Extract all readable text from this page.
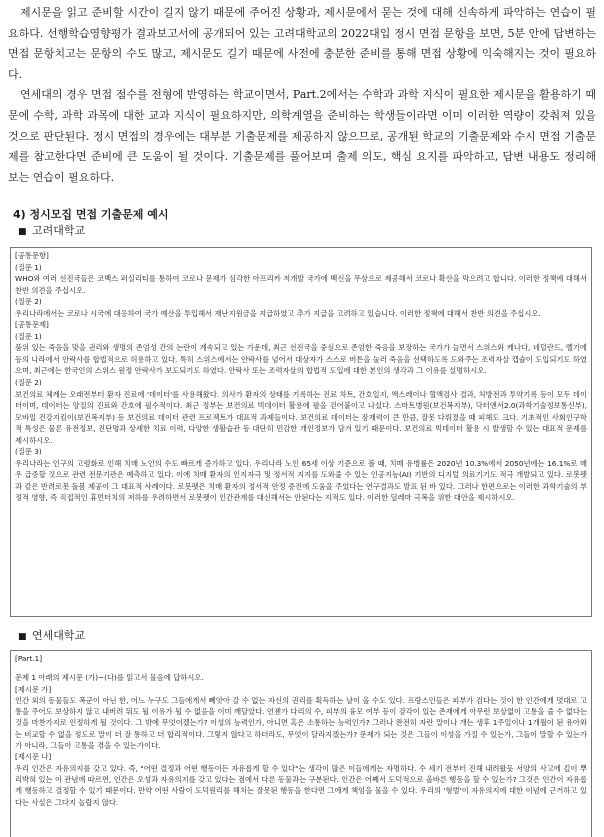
제시문을 읽고 준비할 시간이 길지 않기 때문에 주어진 상황과, 제시문에서 묻는 것에 대해 신속하게 파악하는 연습이 필요하다. 선행학습영향평가 결과보고서에 공개되어 있는 고려대학교의 2022대입 정시 면접 문항을 보면, 5분 안에 답변하는 면접 문항치고는 문항의 수도 많고, 제시문도 길기 때문에 사전에 충분한 준비를 통해 면접 상황에 익숙해지는 것이 필요하다.

연세대의 경우 면접 점수를 전형에 반영하는 학교이면서, Part.2에서는 수학과 과학 지식이 필요한 제시문을 활용하기 때문에 수학, 과학 과목에 대한 교과 지식이 필요하지만, 의학계열을 준비하는 학생들이라면 이미 이러한 역량이 갖춰져 있을 것으로 판단된다. 정시 면접의 경우에는 대부분 기출문제를 제공하지 않으므로, 공개된 학교의 기출문제와 수시 면접 기출문제를 참고한다면 준비에 큰 도움이 될 것이다. 기출문제를 풀어보며 출제 의도, 핵심 요지를 파악하고, 답변 내용도 정리해 보는 연습이 필요하다.

4) 정시모집 면접 기출문제 예시
■ 고려대학교

[공통문항]

(질문 1)

WHO와 여러 선진국들은 코백스 퍼실리티를 통하여 코로나 문제가 심각한 아프리카 저개발 국가에 백신을 무상으로 제공해서 코로나 확산을 막으려고 합니다. 이러한 정책에 대해서 찬반 의견을 주십시오.

(질문 2)

우리나라에서는 코로나 시국에 대응하여 국가 예산을 투입해서 재난지원금을 지급하였고 추가 지급을 고려하고 있습니다. 이러한 정책에 대해서 찬반 의견을 주십시오.

[공통문제]

(질문 1)

품위 있는 죽음을 맞을 권리와 생명의 존엄성 간의 논란이 계속되고 있는 가운데, 최근 선진국을 중심으로 존엄한 죽음을 보장하는 국가가 늘면서 스위스와 캐나다, 네덜란드, 벨기에 등의 나라에서 안락사를 합법적으로 허용하고 있다. 특히 스위스에서는 안락사를 넘어서 대상자가 스스로 버튼을 눌러 죽음을 선택하도록 도와주는 조력자살 캡슐이 도입되기도 하였으며, 최근에는 한국인의 스위스 원정 안락사가 보도되기도 하였다. 안락사 또는 조력자살의 합법적 도입에 대한 본인의 생각과 그 이유를 설명하시오.

(질문 2)

보건의료 체계는 오래전부터 환자 진료에 '데이터'를 사용해왔다. 의사가 환자의 상태를 기록하는 진료 차트, 간호일지, 엑스레이나 혈액검사 결과, 처방전과 투약기록 등이 모두 데이터이며, 데이터는 양질의 진료와 간호에 필수적이다. 최근 정부는 보건의료 빅데이터 활용에 팔을 걷어붙이고 나섰다. 스마트병원(보건복지부), 닥터앤서2.0(과학기술정보통신부), 모바일 건강지킴이(보건복지부) 등 보건의료 데이터 관련 프로젝트가 대표적 과제들이다. 보건의료 데이터는 잠재력이 큰 만큼, 잘못 다뤄졌을 때 피해도 크다. 기초적인 사회인구학적 특성은 물론 유전정보, 진단명과 상세한 치료 이력, 다양한 생활습관 등 대단히 민감한 개인정보가 담겨 있기 때문이다. 보건의료 빅데이터 활용 시 발생할 수 있는 대표적 문제를 제시하시오.

(질문 3)

우리나라는 인구의 고령화로 인해 치매 노인의 수도 빠르게 증가하고 있다. 우리나라 노인 65세 이상 기준으로 볼 때, 치매 유병률은 2020년 10.3%에서 2050년에는 16.1%로 매우 급증할 것으로 관련 전문기관은 예측하고 있다. 이에 치매 환자의 인지자극 및 정서적 지지를 도와줄 수 있는 인공지능(AI) 기반의 디지털 의료기기도 적극 개발되고 있다. 로봇펫과 같은 반려로봇 돌봄 제공이 그 대표적 사례이다. 로봇펫은 치매 환자의 정서적 안정 증진에 도움을 주었다는 연구결과도 발표 된 바 있다. 그러나 한편으로는 이러한 과학기술의 부정적 영향, 즉 직접적인 휴먼터치의 저하를 우려하면서 로봇펫이 인간관계를 대신해서는 안된다는 지적도 있다. 이러한 딜레마 극복을 위한 대안을 제시하시오.

■ 연세대학교

[Part.1]

문제 1 아래의 제시문 (가)~(다)를 읽고서 물음에 답하시오.

[제시문 가]

인간 외의 동물들도 폭군이 아닌 한, 어느 누구도 그들에게서 빼앗아 갈 수 없는 자신의 권리를 획득하는 날이 올 수도 있다. 프랑스인들은 피부가 검다는 것이 한 인간에게 멋대로 고통을 주어도 보상하지 않고 내버려 둬도 될 이유가 될 수 없음을 이미 깨달았다. 언젠가 다리의 수, 피부의 융모 여부 등이 감각이 있는 존재에게 아무런 보상없이 고통을 줄 수 없다는 것을 마찬가지로 인정하게 될 것이다. 그 밖에 무엇이겠는가? 이성의 능력인가, 아니면 혹은 소통하는 능력인가? 그러나 완전히 자란 말이나 개는 생후 1주일이나 1개월이 된 유아와는 비교할 수 없을 정도로 말이 더 잘 통하고 더 합리적이다. 그렇지 않다고 하더라도, 무엇이 달라지겠는가? 문제가 되는 것은 그들이 이성을 가질 수 있는가, 그들이 말할 수 있는가가 아니라, 그들이 고통을 겪을 수 있는가이다.

[제시문 나]

우리 인간은 자유의지를 갖고 있다. 즉, "어떤 결정과 어떤 행동이든 자유롭게 할 수 있다"는 생각이 많은 이들에게는 자명하다. 수 세기 전부터 진해 내려왔듯 서양의 사고에 깊이 뿌리박혀 있는 이 관념에 따르면, 인간은 오성과 자유의지를 갖고 있다는 점에서 다른 동물과는 구분된다. 인간은 어째서 도덕적으로 올바른 행동을 할 수 있는가? 그것은 인간이 자유롭게 행동하고 결정할 수 있기 때문이다. 만약 어떤 사람이 도덕원리를 해치는 잘못된 행동을 한다면 그에게 책임을 물을 수 있다. 우리의 '형벌'이 자유의지에 대한 이념에 근거하고 있다는 사실은 그다지 놀랍지 않다.
